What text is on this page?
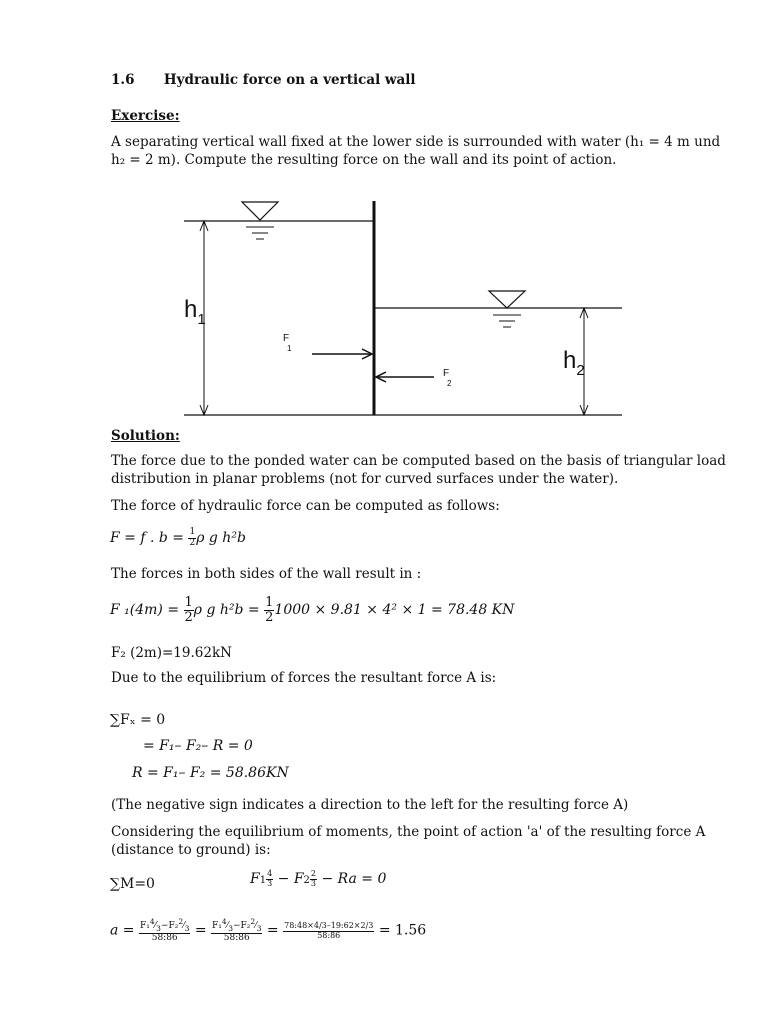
1.6 Hydraulic force on a vertical wall
Exercise:
A separating vertical wall fixed at the lower side is surrounded with water (h₁ = 4 m und h₂ = 2 m). Compute the resulting force on the wall and its point of action.
$h_1$
$h_2$
F
1
F
2
Solution:
The force due to the ponded water can be computed based on the basis of triangular load distribution in planar problems (not for curved surfaces under the water).
The force of hydraulic force can be computed as follows:
F = f . $b = \frac{1}{2}$ ρ g h²b
The forces in both sides of the wall result in :
F $_1(4m) = \frac{1}{2}$ ρ g $h^2b = \frac{1}{2} 1000 \times 9.81 \times 4^2 \times 1 = 78.48$ KN
F₂ (2m)=19.62kN
Due to the equilibrium of forces the resultant force A is:
∑Fₓ = 0
= F₁– F₂– R = 0
R = F₁– F₂ = 58.86KN
(The negative sign indicates a direction to the left for the resulting force A)
Considering the equilibrium of moments, the point of action 'a' of the resulting force A (distance to ground) is:
∑M=0	$F1 \frac{4}{3} - F2 \frac{2}{3} - Ra = 0$
$a = \frac{F_1^4⁄_3-F_2^2⁄_3}{58:86} = \frac{F_1^4⁄_3-F_2^2⁄_3}{58:86} = \frac{78:48\times 4/3-19:62\times 2/3}{58:86} = 1.56$
